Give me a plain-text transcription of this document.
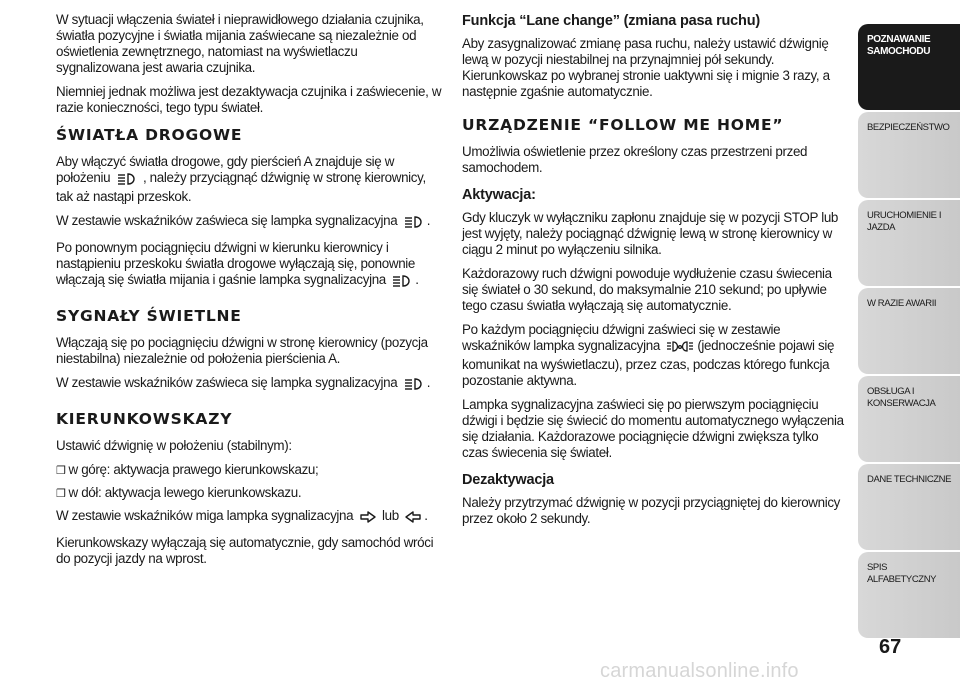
W sytuacji włączenia świateł i nieprawidłowego działania czujnika, światła pozycyjne i światła mijania zaświecane są niezależnie od oświetlenia zewnętrznego, natomiast na wyświetlaczu sygnalizowana jest awaria czujnika.

Niemniej jednak możliwa jest dezaktywacja czujnika i zaświecenie, w razie konieczności, tego typu świateł.

ŚWIATŁA DROGOWE

Aby włączyć światła drogowe, gdy pierścień A znajduje się w położeniu , należy przyciągnąć dźwignię w stronę kierownicy, tak aż nastąpi przeskok.

W zestawie wskaźników zaświeca się lampka sygnalizacyjna .

Po ponownym pociągnięciu dźwigni w kierunku kierownicy i nastąpieniu przeskoku światła drogowe wyłączają się, ponownie włączają się światła mijania i gaśnie lampka sygnalizacyjna .

SYGNAŁY ŚWIETLNE

Włączają się po pociągnięciu dźwigni w stronę kierownicy (pozycja niestabilna) niezależnie od położenia pierścienia A.

W zestawie wskaźników zaświeca się lampka sygnalizacyjna .

KIERUNKOWSKAZY

Ustawić dźwignię w położeniu (stabilnym):

❒ w górę: aktywacja prawego kierunkowskazu;

❒ w dół: aktywacja lewego kierunkowskazu.

W zestawie wskaźników miga lampka sygnalizacyjna lub .

Kierunkowskazy wyłączają się automatycznie, gdy samochód wróci do pozycji jazdy na wprost.

Funkcja “Lane change” (zmiana pasa ruchu)

Aby zasygnalizować zmianę pasa ruchu, należy ustawić dźwignię lewą w pozycji niestabilnej na przynajmniej pół sekundy. Kierunkowskaz po wybranej stronie uaktywni się i mignie 3 razy, a następnie zgaśnie automatycznie.

URZĄDZENIE “FOLLOW ME HOME”

Umożliwia oświetlenie przez określony czas przestrzeni przed samochodem.

Aktywacja:

Gdy kluczyk w wyłączniku zapłonu znajduje się w pozycji STOP lub jest wyjęty, należy pociągnąć dźwignię lewą w stronę kierownicy w ciągu 2 minut po wyłączeniu silnika.

Każdorazowy ruch dźwigni powoduje wydłużenie czasu świecenia się świateł o 30 sekund, do maksymalnie 210 sekund; po upływie tego czasu światła wyłączają się automatycznie.

Po każdym pociągnięciu dźwigni zaświeci się w zestawie wskaźników lampka sygnalizacyjna	(jednocześnie pojawi się komunikat na wyświetlaczu), przez czas, podczas którego funkcja pozostanie aktywna.

Lampka sygnalizacyjna zaświeci się po pierwszym pociągnięciu dźwigi i będzie się świecić do momentu automatycznego wyłączenia się działania. Każdorazowe pociągnięcie dźwigni zwiększa tylko czas świecenia się świateł.

Dezaktywacja

Należy przytrzymać dźwignię w pozycji przyciągniętej do kierownicy przez około 2 sekundy.

POZNAWANIE
SAMOCHODU
BEZPIECZEŃSTWO
URUCHOMIENIE I
JAZDA
W RAZIE AWARII
OBSŁUGA I
KONSERWACJA
DANE TECHNICZNE
SPIS ALFABETYCZNY
67
carmanualsonline.info
